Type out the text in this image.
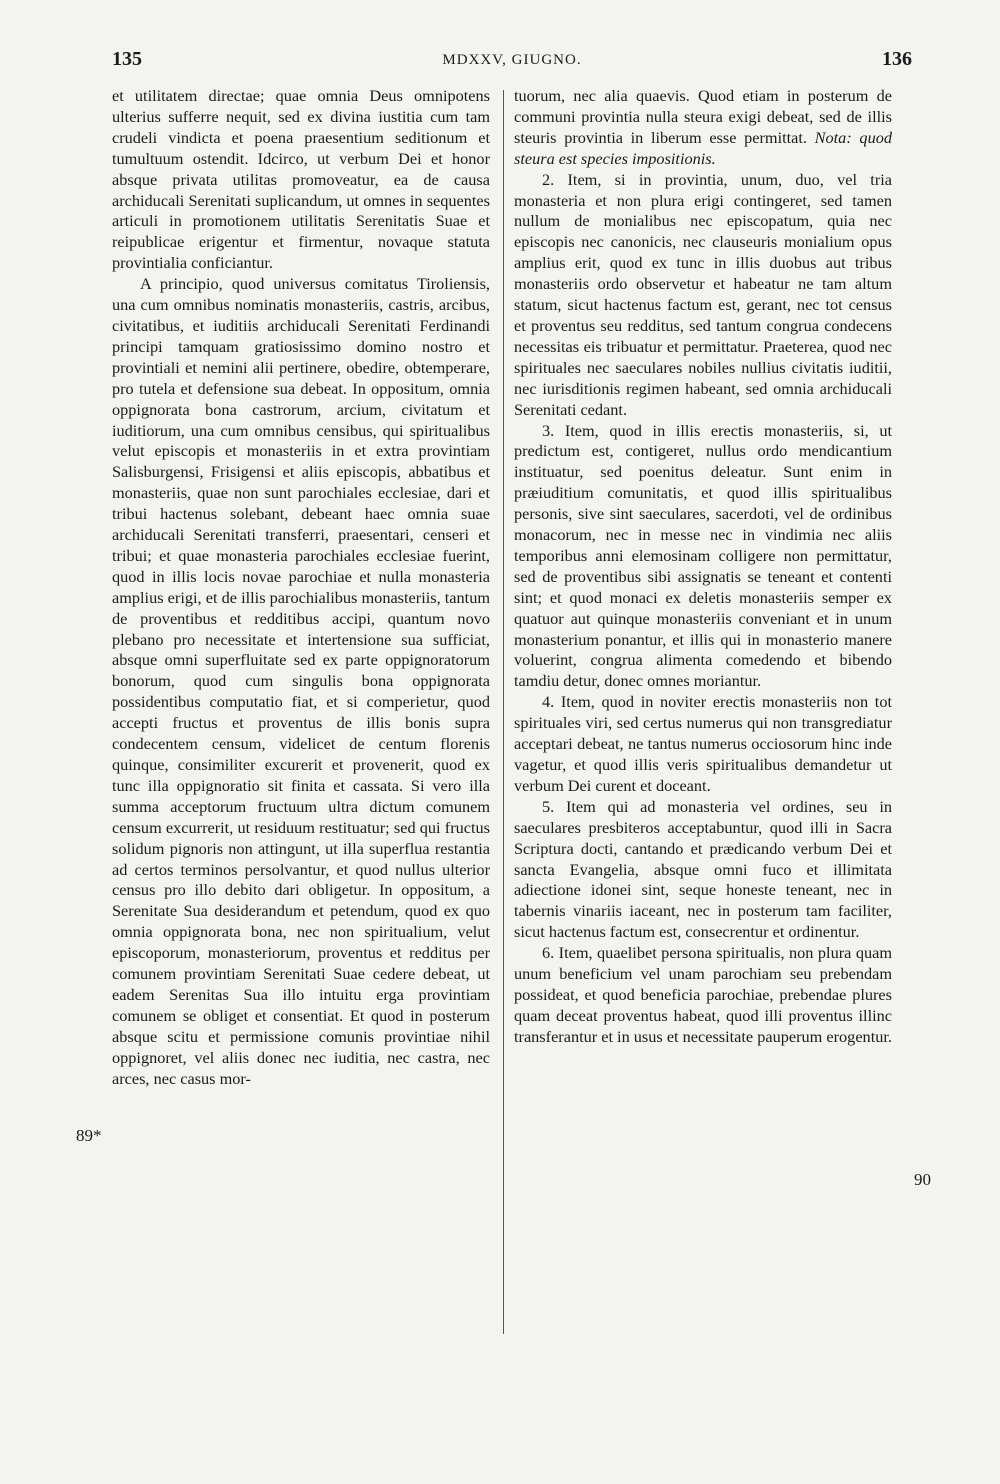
135	MDXXV, GIUGNO.	136

et utilitatem directae; quae omnia Deus omnipotens ulterius sufferre nequit, sed ex divina iustitia cum tam crudeli vindicta et poena praesentium seditionum et tumultuum ostendit. Idcirco, ut verbum Dei et honor absque privata utilitas promoveatur, ea de causa archiducali Serenitati suplicandum, ut omnes in sequentes articuli in promotionem utilitatis Serenitatis Suae et reipublicae erigentur et firmentur, novaque statuta provintialia conficiantur.

A principio, quod universus comitatus Tiroliensis, una cum omnibus nominatis monasteriis, castris, arcibus, civitatibus, et iuditiis archiducali Serenitati Ferdinandi principi tamquam gratiosissimo domino nostro et provintiali et nemini alii pertinere, obedire, obtemperare, pro tutela et defensione sua debeat. In oppositum, omnia oppignorata bona castrorum, arcium, civitatum et iuditiorum, una cum omnibus censibus, qui spiritualibus velut episcopis et monasteriis in et extra provintiam Salisburgensi, Frisigensi et aliis episcopis, abbatibus et monasteriis, quae non sunt parochiales ecclesiae, dari et tribui hactenus solebant, debeant haec omnia suae archiducali Serenitati transferri, praesentari, censeri et tribui; et quae monasteria parochiales ecclesiae fuerint, quod in illis locis novae parochiae et nulla monasteria amplius erigi, et de illis parochialibus monasteriis, tantum de proventibus et redditibus accipi, quantum novo plebano pro necessitate et intertensione sua sufficiat, absque omni superfluitate sed ex parte oppignoratorum bonorum, quod cum singulis bona oppignorata possidentibus computatio fiat, et si comperietur, quod accepti fructus et proventus de illis bonis supra condecentem censum, videlicet de centum florenis quinque, consimiliter excurerit et provenerit, quod ex tunc illa oppignoratio sit finita et cassata. Si vero illa summa acceptorum fructuum ultra dictum comunem censum excurrerit, ut residuum restituatur; sed qui fructus solidum pignoris non attingunt, ut illa superflua restantia ad certos terminos persolvantur, et quod nullus ulterior census pro illo debito dari obligetur. In oppositum, a Serenitate Sua desiderandum et petendum, quod ex quo omnia oppignorata bona, nec non spiritualium, velut episcoporum, monasteriorum, proventus et redditus per comunem provintiam Serenitati Suae cedere debeat, ut eadem Serenitas Sua illo intuitu erga provintiam comunem se obliget et consentiat. Et quod in posterum absque scitu et permissione comunis provintiae nihil oppignoret, vel aliis donec nec iuditia, nec castra, nec arces, nec casus mor-

tuorum, nec alia quaevis. Quod etiam in posterum de communi provintia nulla steura exigi debeat, sed de illis steuris provintia in liberum esse permittat. Nota: quod steura est species impositionis.

2. Item, si in provintia, unum, duo, vel tria monasteria et non plura erigi contingeret, sed tamen nullum de monialibus nec episcopatum, quia nec episcopis nec canonicis, nec clauseuris monialium opus amplius erit, quod ex tunc in illis duobus aut tribus monasteriis ordo observetur et habeatur ne tam altum statum, sicut hactenus factum est, gerant, nec tot census et proventus seu redditus, sed tantum congrua condecens necessitas eis tribuatur et permittatur. Praeterea, quod nec spirituales nec saeculares nobiles nullius civitatis iuditii, nec iurisditionis regimen habeant, sed omnia archiducali Serenitati cedant.

3. Item, quod in illis erectis monasteriis, si, ut predictum est, contigeret, nullus ordo mendicantium instituatur, sed poenitus deleatur. Sunt enim in præiuditium comunitatis, et quod illis spiritualibus personis, sive sint saeculares, sacerdoti, vel de ordinibus monacorum, nec in messe nec in vindimia nec aliis temporibus anni elemosinam colligere non permittatur, sed de proventibus sibi assignatis se teneant et contenti sint; et quod monaci ex deletis monasteriis semper ex quatuor aut quinque monasteriis conveniant et in unum monasterium ponantur, et illis qui in monasterio manere voluerint, congrua alimenta comedendo et bibendo tamdiu detur, donec omnes moriantur.

4. Item, quod in noviter erectis monasteriis non tot spirituales viri, sed certus numerus qui non transgrediatur acceptari debeat, ne tantus numerus occiosorum hinc inde vagetur, et quod illis veris spiritualibus demandetur ut verbum Dei curent et doceant.

5. Item qui ad monasteria vel ordines, seu in saeculares presbiteros acceptabuntur, quod illi in Sacra Scriptura docti, cantando et prædicando verbum Dei et sancta Evangelia, absque omni fuco et illimitata adiectione idonei sint, seque honeste teneant, nec in tabernis vinariis iaceant, nec in posterum tam faciliter, sicut hactenus factum est, consecrentur et ordinentur.

6. Item, quaelibet persona spiritualis, non plura quam unum beneficium vel unam parochiam seu prebendam possideat, et quod beneficia parochiae, prebendae plures quam deceat proventus habeat, quod illi proventus illinc transferantur et in usus et necessitate pauperum erogentur.

89*
90
